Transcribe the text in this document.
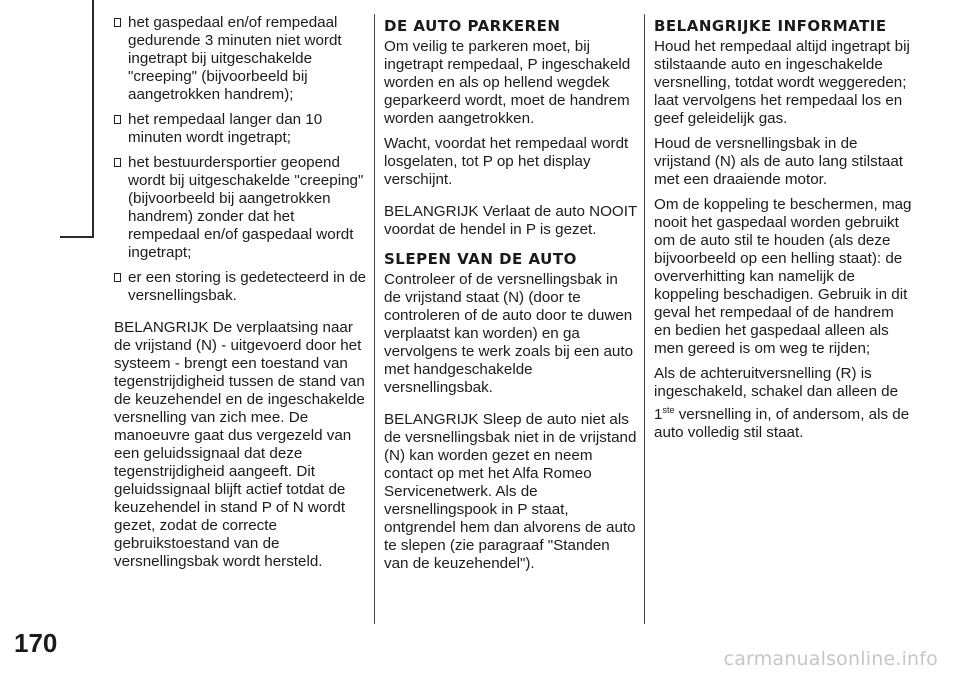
het gaspedaal en/of rempedaal gedurende 3 minuten niet wordt ingetrapt bij uitgeschakelde "creeping" (bijvoorbeeld bij aangetrokken handrem);
het rempedaal langer dan 10 minuten wordt ingetrapt;
het bestuurdersportier geopend wordt bij uitgeschakelde "creeping" (bijvoorbeeld bij aangetrokken handrem) zonder dat het rempedaal en/of gaspedaal wordt ingetrapt;
er een storing is gedetecteerd in de versnellingsbak.

BELANGRIJK De verplaatsing naar de vrijstand (N) - uitgevoerd door het systeem - brengt een toestand van tegenstrijdigheid tussen de stand van de keuzehendel en de ingeschakelde versnelling van zich mee. De manoeuvre gaat dus vergezeld van een geluidssignaal dat deze tegenstrijdigheid aangeeft. Dit geluidssignaal blijft actief totdat de keuzehendel in stand P of N wordt gezet, zodat de correcte gebruikstoestand van de versnellingsbak wordt hersteld.

DE AUTO PARKEREN

Om veilig te parkeren moet, bij ingetrapt rempedaal, P ingeschakeld worden en als op hellend wegdek geparkeerd wordt, moet de handrem worden aangetrokken.

Wacht, voordat het rempedaal wordt losgelaten, tot P op het display verschijnt.

BELANGRIJK Verlaat de auto NOOIT voordat de hendel in P is gezet.

SLEPEN VAN DE AUTO

Controleer of de versnellingsbak in de vrijstand staat (N) (door te controleren of de auto door te duwen verplaatst kan worden) en ga vervolgens te werk zoals bij een auto met handgeschakelde versnellingsbak.

BELANGRIJK Sleep de auto niet als de versnellingsbak niet in de vrijstand (N) kan worden gezet en neem contact op met het Alfa Romeo Servicenetwerk. Als de versnellingspook in P staat, ontgrendel hem dan alvorens de auto te slepen (zie paragraaf "Standen van de keuzehendel").

BELANGRIJKE INFORMATIE

Houd het rempedaal altijd ingetrapt bij stilstaande auto en ingeschakelde versnelling, totdat wordt weggereden; laat vervolgens het rempedaal los en geef geleidelijk gas.

Houd de versnellingsbak in de vrijstand (N) als de auto lang stilstaat met een draaiende motor.

Om de koppeling te beschermen, mag nooit het gaspedaal worden gebruikt om de auto stil te houden (als deze bijvoorbeeld op een helling staat): de oververhitting kan namelijk de koppeling beschadigen. Gebruik in dit geval het rempedaal of de handrem en bedien het gaspedaal alleen als men gereed is om weg te rijden;

Als de achteruitversnelling (R) is ingeschakeld, schakel dan alleen de 1ste versnelling in, of andersom, als de auto volledig stil staat.

170
carmanualsonline.info
